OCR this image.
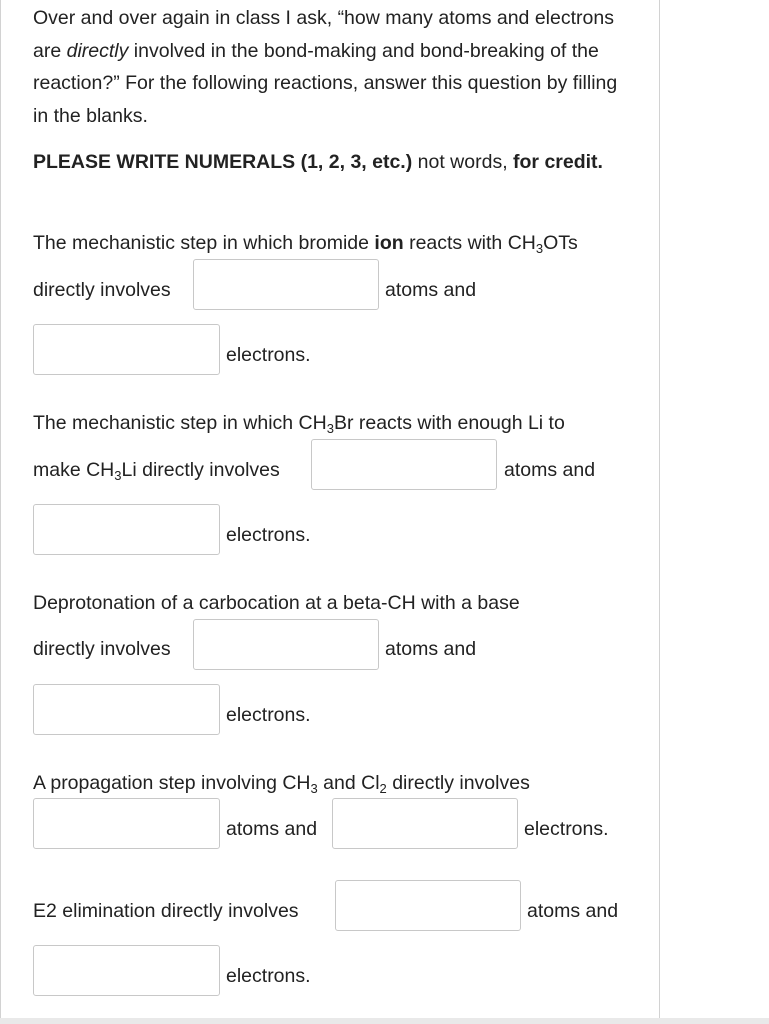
Over and over again in class I ask, “how many atoms and electrons are directly involved in the bond-making and bond-breaking of the reaction?” For the following reactions, answer this question by filling in the blanks.
PLEASE WRITE NUMERALS (1, 2, 3, etc.) not words, for credit.
The mechanistic step in which bromide ion reacts with $CH_3OTs$
directly involves	atoms and
electrons.
The mechanistic step in which $CH_3Br$ reacts with enough Li to
make $CH_3Li$ directly involves	atoms and
electrons.
Deprotonation of a carbocation at a beta-CH with a base
directly involves	atoms and
electrons.
A propagation step involving $CH_3$ and $Cl_2$ directly involves
atoms and	electrons.
E2 elimination directly involves	atoms and
electrons.
